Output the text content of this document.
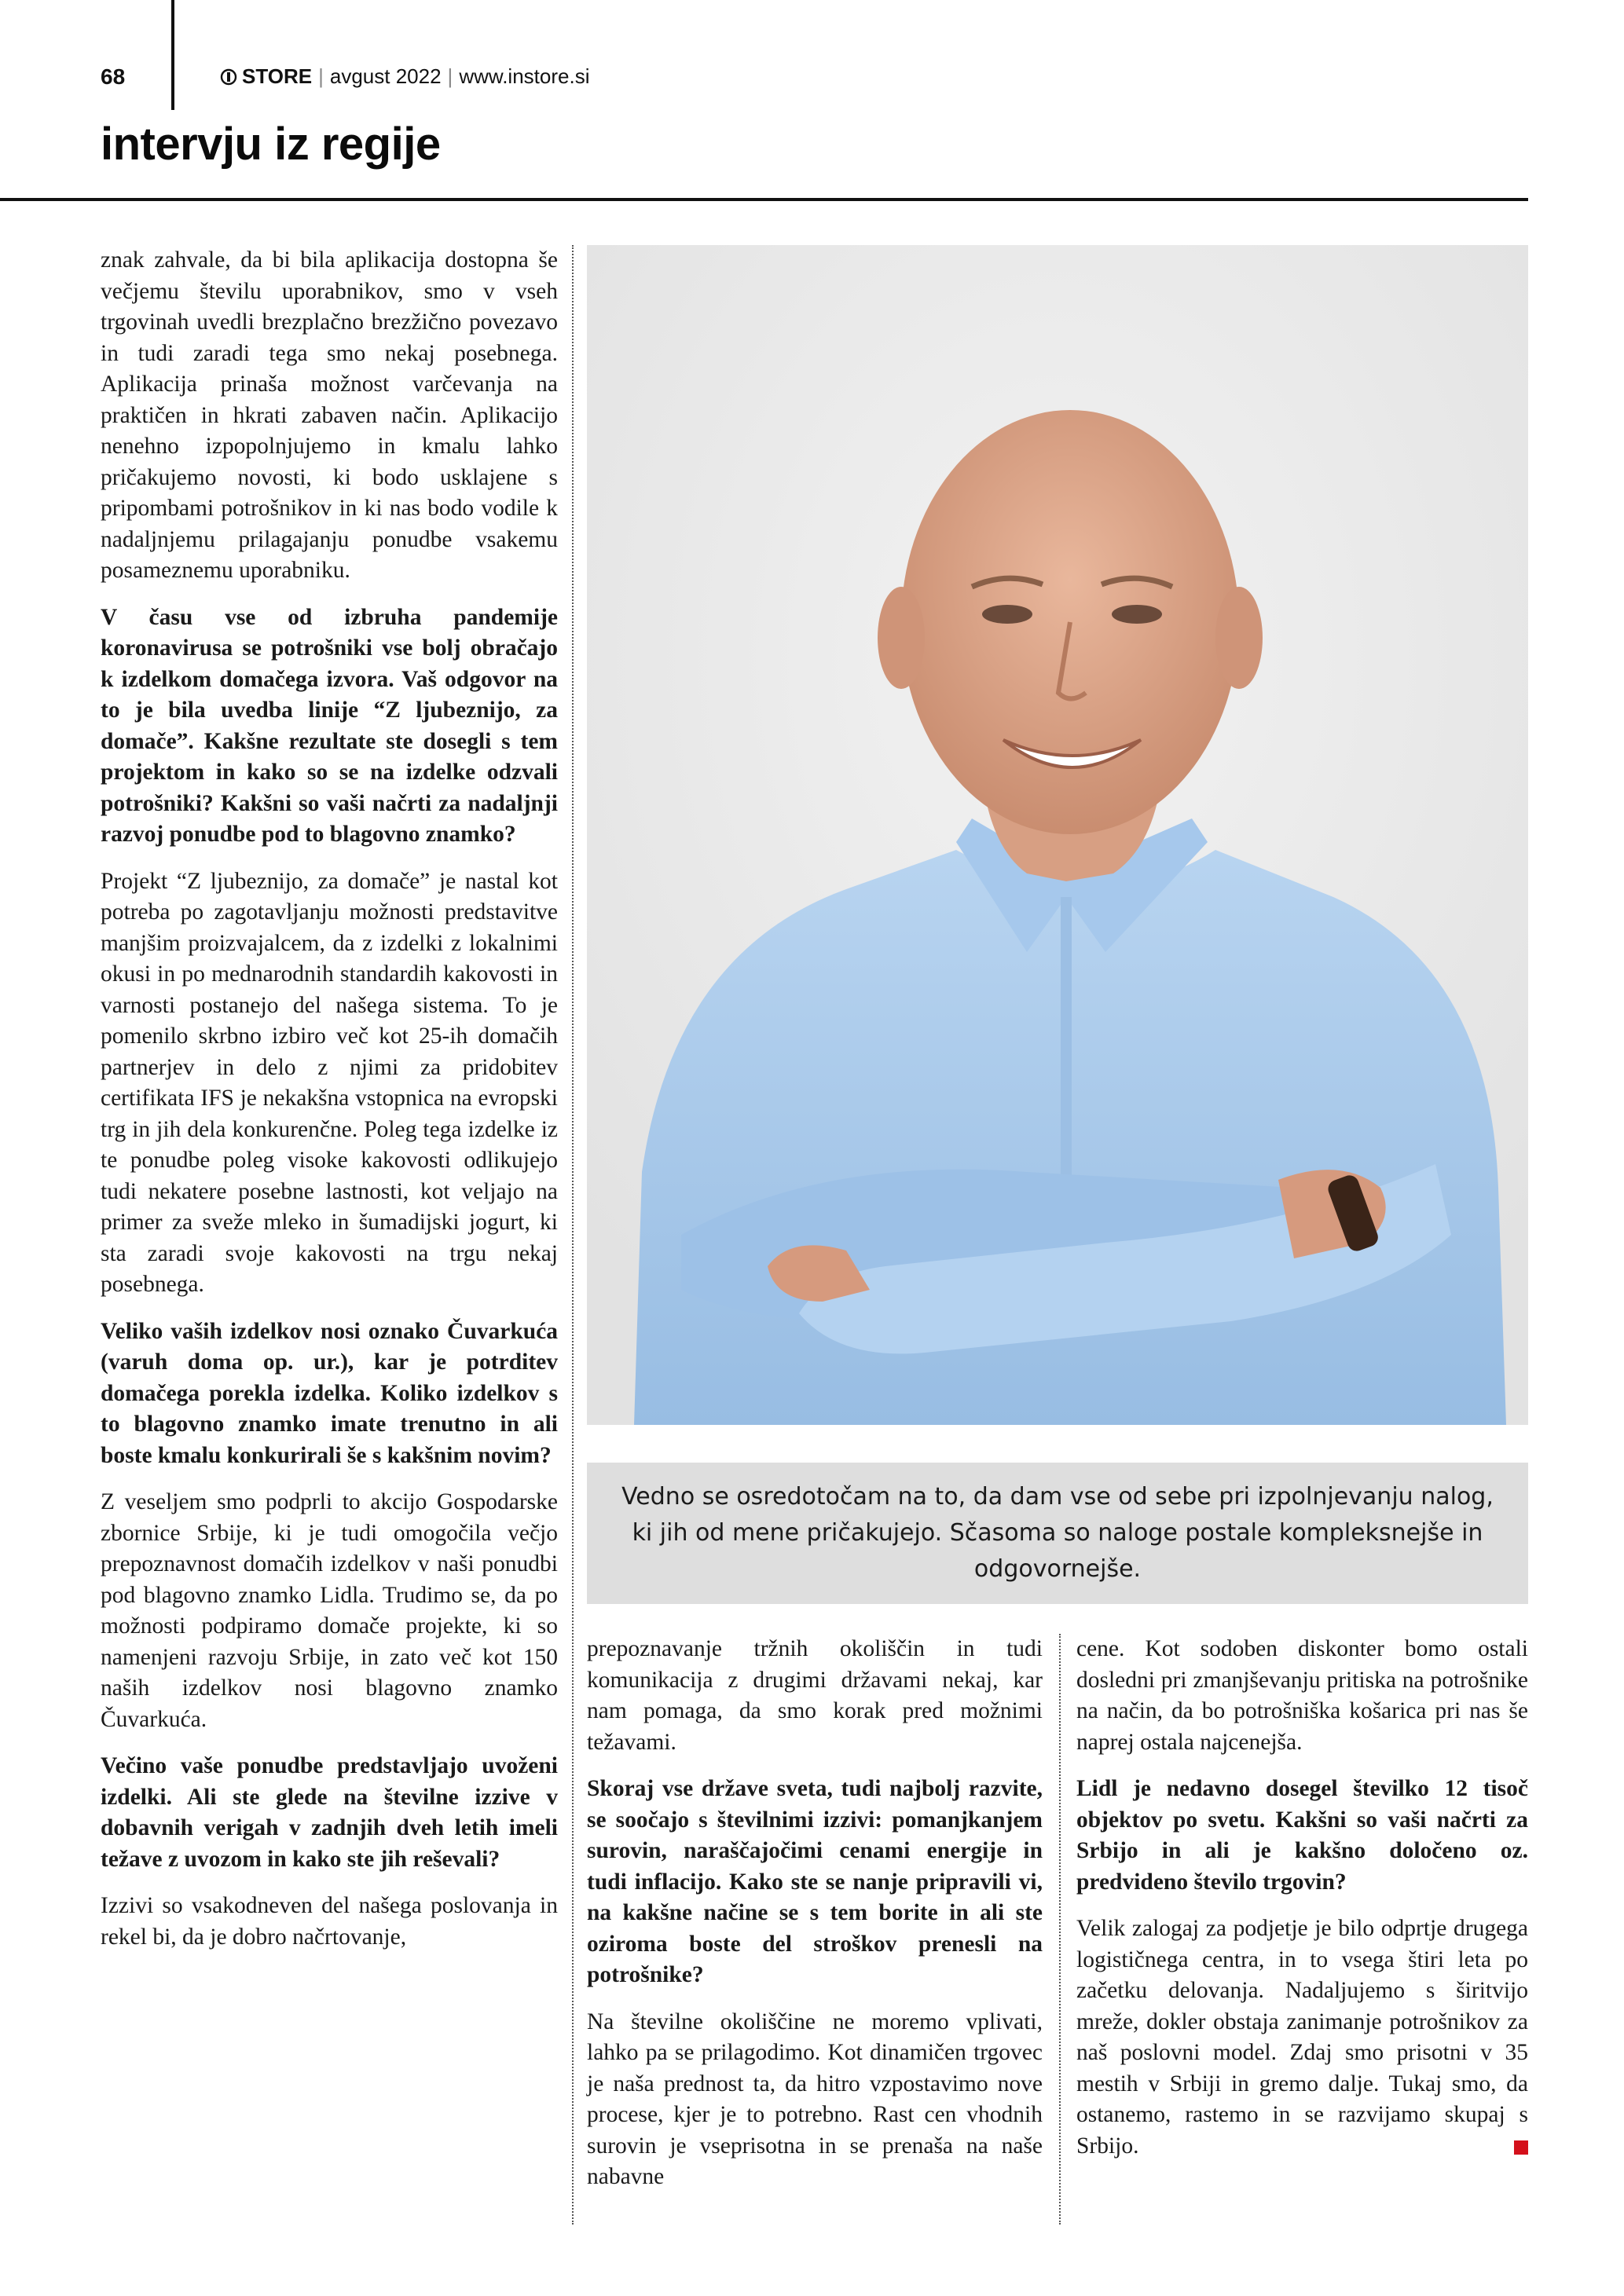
68	STORE | avgust 2022 | www.instore.si
intervju iz regije

znak zahvale, da bi bila aplikacija dostopna še večjemu številu uporabnikov, smo v vseh trgovinah uvedli brezplačno brezžično povezavo in tudi zaradi tega smo nekaj posebnega. Aplikacija prinaša možnost varčevanja na praktičen in hkrati zabaven način. Aplikacijo nenehno izpopolnjujemo in kmalu lahko pričakujemo novosti, ki bodo usklajene s pripombami potrošnikov in ki nas bodo vodile k nadaljnjemu prilagajanju ponudbe vsakemu posameznemu uporabniku.

V času vse od izbruha pandemije koronavirusa se potrošniki vse bolj obračajo k izdelkom domačega izvora. Vaš odgovor na to je bila uvedba linije “Z ljubeznijo, za domače”. Kakšne rezultate ste dosegli s tem projektom in kako so se na izdelke odzvali potrošniki? Kakšni so vaši načrti za nadaljnji razvoj ponudbe pod to blagovno znamko?

Projekt “Z ljubeznijo, za domače” je nastal kot potreba po zagotavljanju možnosti predstavitve manjšim proizvajalcem, da z izdelki z lokalnimi okusi in po mednarodnih standardih kakovosti in varnosti postanejo del našega sistema. To je pomenilo skrbno izbiro več kot 25-ih domačih partnerjev in delo z njimi za pridobitev certifikata IFS je nekakšna vstopnica na evropski trg in jih dela konkurenčne. Poleg tega izdelke iz te ponudbe poleg visoke kakovosti odlikujejo tudi nekatere posebne lastnosti, kot veljajo na primer za sveže mleko in šumadijski jogurt, ki sta zaradi svoje kakovosti na trgu nekaj posebnega.

Veliko vaših izdelkov nosi oznako Čuvarkuća (varuh doma op. ur.), kar je potrditev domačega porekla izdelka. Koliko izdelkov s to blagovno znamko imate trenutno in ali boste kmalu konkurirali še s kakšnim novim?

Z veseljem smo podprli to akcijo Gospodarske zbornice Srbije, ki je tudi omogočila večjo prepoznavnost domačih izdelkov v naši ponudbi pod blagovno znamko Lidla. Trudimo se, da po možnosti podpiramo domače projekte, ki so namenjeni razvoju Srbije, in zato več kot 150 naših izdelkov nosi blagovno znamko Čuvarkuća.

Večino vaše ponudbe predstavljajo uvoženi izdelki. Ali ste glede na številne izzive v dobavnih verigah v zadnjih dveh letih imeli težave z uvozom in kako ste jih reševali?

Izzivi so vsakodneven del našega poslovanja in rekel bi, da je dobro načrtovanje,

Vedno se osredotočam na to, da dam vse od sebe pri izpolnjevanju nalog, ki jih od mene pričakujejo. Sčasoma so naloge postale kompleksnejše in odgovornejše.

prepoznavanje tržnih okoliščin in tudi komunikacija z drugimi državami nekaj, kar nam pomaga, da smo korak pred možnimi težavami.

Skoraj vse države sveta, tudi najbolj razvite, se soočajo s številnimi izzivi: pomanjkanjem surovin, naraščajočimi cenami energije in tudi inflacijo. Kako ste se nanje pripravili vi, na kakšne načine se s tem borite in ali ste oziroma boste del stroškov prenesli na potrošnike?

Na številne okoliščine ne moremo vplivati, lahko pa se prilagodimo. Kot dinamičen trgovec je naša prednost ta, da hitro vzpostavimo nove procese, kjer je to potrebno. Rast cen vhodnih surovin je vseprisotna in se prenaša na naše nabavne

cene. Kot sodoben diskonter bomo ostali dosledni pri zmanjševanju pritiska na potrošnike na način, da bo potrošniška košarica pri nas še naprej ostala najcenejša.

Lidl je nedavno dosegel številko 12 tisoč objektov po svetu. Kakšni so vaši načrti za Srbijo in ali je kakšno določeno oz. predvideno število trgovin?

Velik zalogaj za podjetje je bilo odprtje drugega logističnega centra, in to vsega štiri leta po začetku delovanja. Nadaljujemo s širitvijo mreže, dokler obstaja zanimanje potrošnikov za naš poslovni model. Zdaj smo prisotni v 35 mestih v Srbiji in gremo dalje. Tukaj smo, da ostanemo, rastemo in se razvijamo skupaj s Srbijo.
